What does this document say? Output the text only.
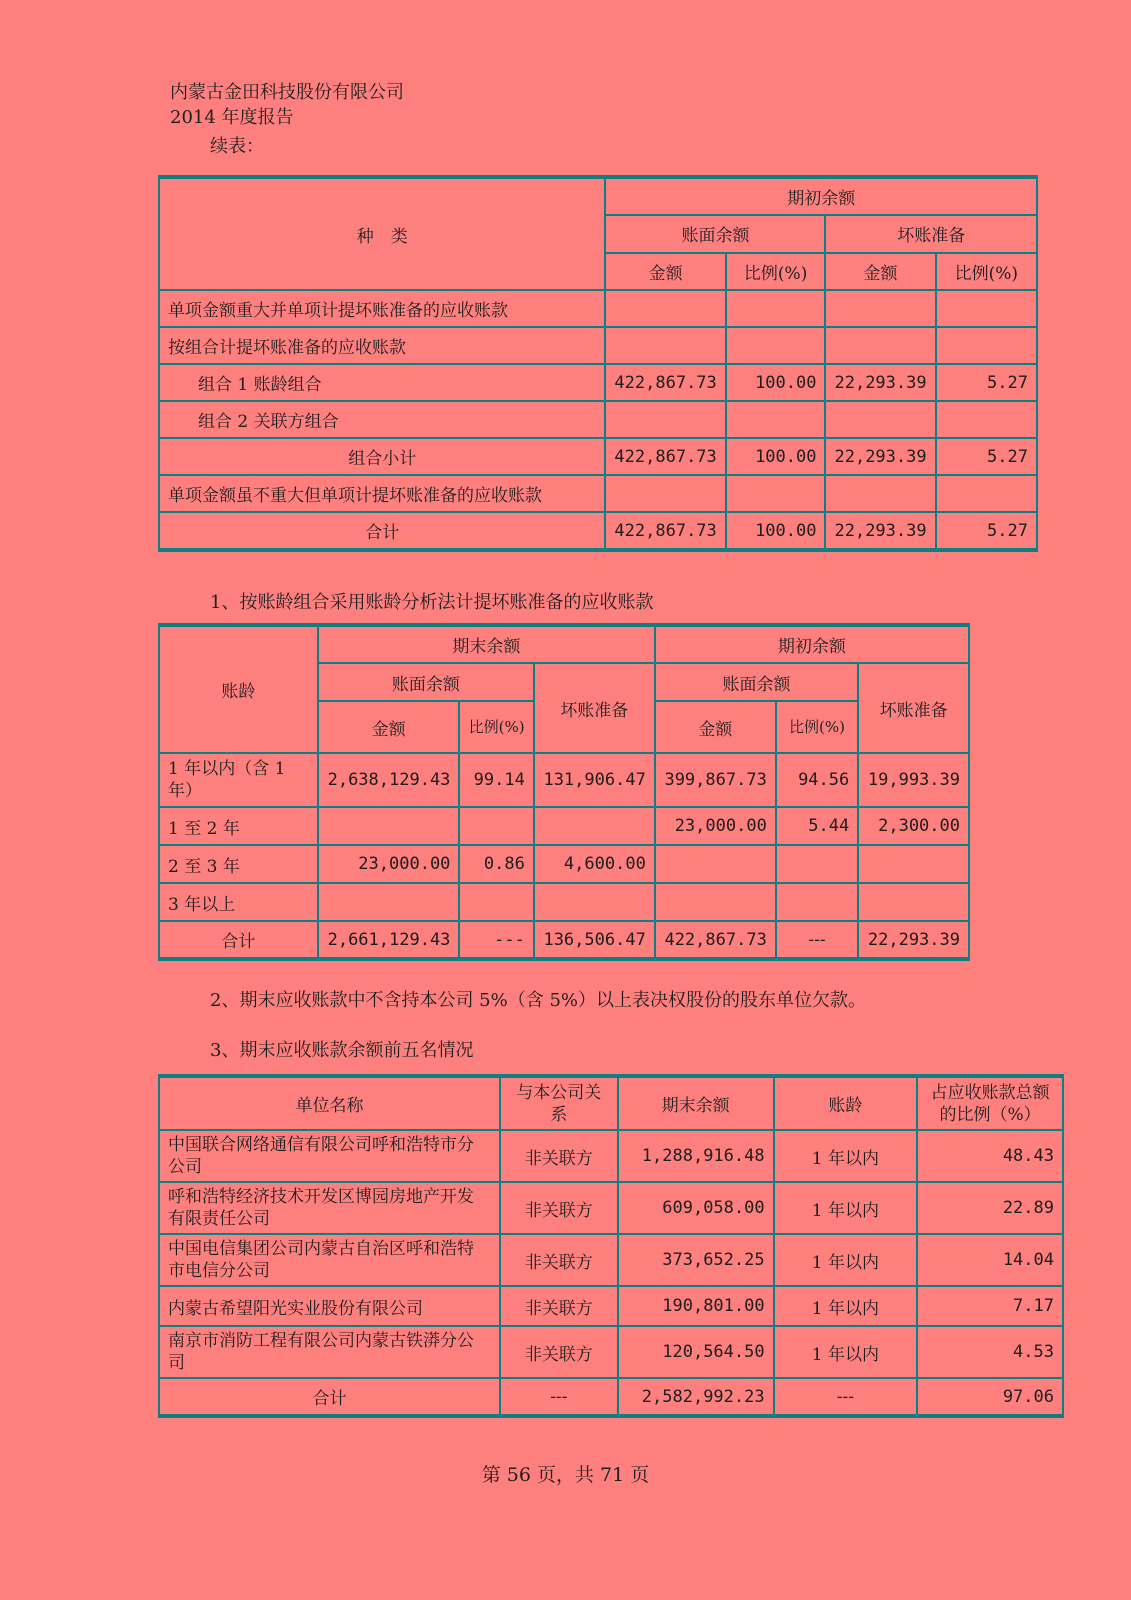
内蒙古金田科技股份有限公司
2014 年度报告
续表：
种　类	期初余额			
	账面余额		坏账准备	
	金额	比例(%)	金额	比例(%)
单项金额重大并单项计提坏账准备的应收账款				
按组合计提坏账准备的应收账款				
组合 1 账龄组合	422,867.73	100.00	22,293.39	5.27
组合 2 关联方组合				
组合小计	422,867.73	100.00	22,293.39	5.27
单项金额虽不重大但单项计提坏账准备的应收账款				
合计	422,867.73	100.00	22,293.39	5.27
1、按账龄组合采用账龄分析法计提坏账准备的应收账款
账龄	期末余额			期初余额		
	账面余额		坏账准备	账面余额		坏账准备
	金额	比例(%)		金额	比例(%)	
1 年以内（含 1 年）	2,638,129.43	99.14	131,906.47	399,867.73	94.56	19,993.39
1 至 2 年				23,000.00	5.44	2,300.00
2 至 3 年	23,000.00	0.86	4,600.00			
3 年以上						
合计	2,661,129.43	---	136,506.47	422,867.73	---	22,293.39
2、期末应收账款中不含持本公司 5%（含 5%）以上表决权股份的股东单位欠款。
3、期末应收账款余额前五名情况
单位名称	与本公司关系	期末余额	账龄	占应收账款总额的比例（%）
中国联合网络通信有限公司呼和浩特市分公司	非关联方	1,288,916.48	1 年以内	48.43
呼和浩特经济技术开发区博园房地产开发有限责任公司	非关联方	609,058.00	1 年以内	22.89
中国电信集团公司内蒙古自治区呼和浩特市电信分公司	非关联方	373,652.25	1 年以内	14.04
内蒙古希望阳光实业股份有限公司	非关联方	190,801.00	1 年以内	7.17
南京市消防工程有限公司内蒙古铁漭分公司	非关联方	120,564.50	1 年以内	4.53
合计	---	2,582,992.23	---	97.06
第 56 页，共 71 页
